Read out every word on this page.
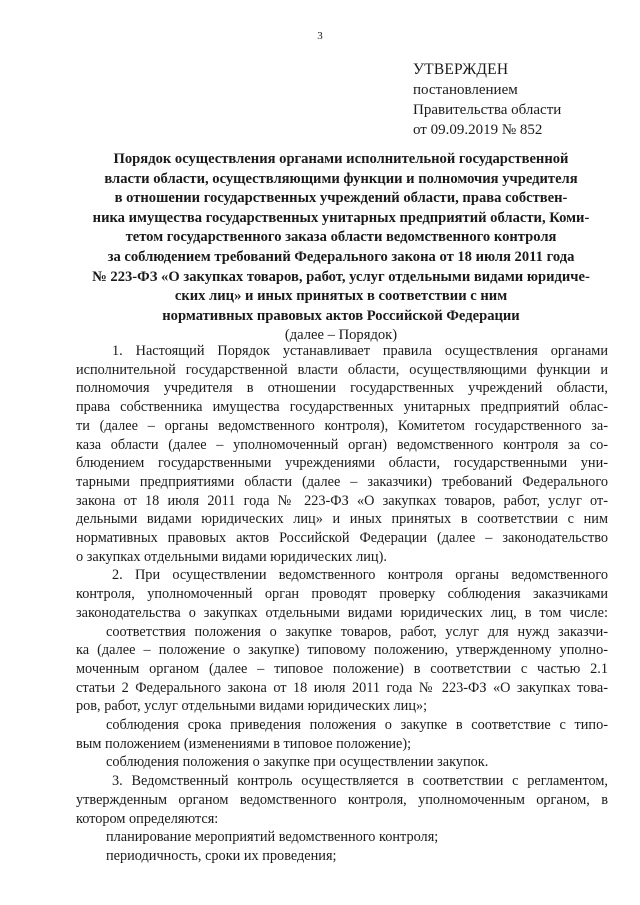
3
УТВЕРЖДЕН
постановлением
Правительства области
от 09.09.2019 № 852
Порядок осуществления органами исполнительной государственной
власти области, осуществляющими функции и полномочия учредителя
в отношении государственных учреждений области, права собствен-
ника имущества государственных унитарных предприятий области, Коми-
тетом государственного заказа области ведомственного контроля
за соблюдением требований Федерального закона от 18 июля 2011 года
№ 223-ФЗ «О закупках товаров, работ, услуг отдельными видами юридиче-
ских лиц» и иных принятых в соответствии с ним
нормативных правовых актов Российской Федерации
(далее – Порядок)
1. Настоящий Порядок устанавливает правила осуществления органами
исполнительной государственной власти области, осуществляющими функции и
полномочия учредителя в отношении государственных учреждений области,
права собственника имущества государственных унитарных предприятий облас-
ти (далее – органы ведомственного контроля), Комитетом государственного за-
каза области (далее – уполномоченный орган) ведомственного контроля за со-
блюдением государственными учреждениями области, государственными уни-
тарными предприятиями области (далее – заказчики) требований Федерального
закона от 18 июля 2011 года № 223-ФЗ «О закупках товаров, работ, услуг от-
дельными видами юридических лиц» и иных принятых в соответствии с ним
нормативных правовых актов Российской Федерации (далее – законодательство
о закупках отдельными видами юридических лиц).
2. При осуществлении ведомственного контроля органы ведомственного
контроля, уполномоченный орган проводят проверку соблюдения заказчиками
законодательства о закупках отдельными видами юридических лиц, в том числе:
соответствия положения о закупке товаров, работ, услуг для нужд заказчи-
ка (далее – положение о закупке) типовому положению, утвержденному уполно-
моченным органом (далее – типовое положение) в соответствии с частью 2.1
статьи 2 Федерального закона от 18 июля 2011 года № 223-ФЗ «О закупках това-
ров, работ, услуг отдельными видами юридических лиц»;
соблюдения срока приведения положения о закупке в соответствие с типо-
вым положением (изменениями в типовое положение);
соблюдения положения о закупке при осуществлении закупок.
3. Ведомственный контроль осуществляется в соответствии с регламентом,
утвержденным органом ведомственного контроля, уполномоченным органом, в
котором определяются:
планирование мероприятий ведомственного контроля;
периодичность, сроки их проведения;
